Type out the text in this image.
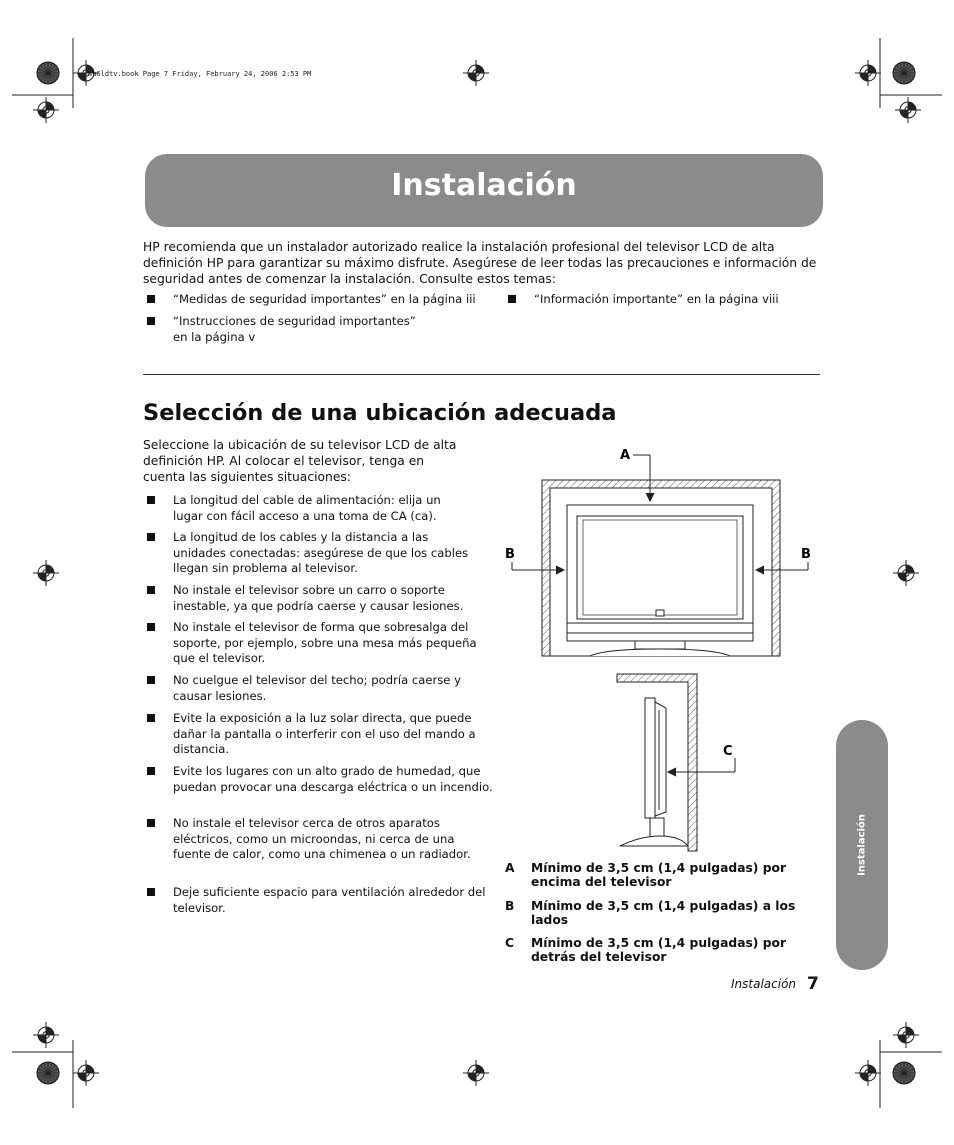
sa6ldtv.book Page 7 Friday, February 24, 2006 2:53 PM
Instalación
HP recomienda que un instalador autorizado realice la instalación profesional del televisor LCD de alta definición HP para garantizar su máximo disfrute. Asegúrese de leer todas las precauciones e información de seguridad antes de comenzar la instalación. Consulte estos temas:
“Medidas de seguridad importantes” en la página iii
“Instrucciones de seguridad importantes” en la página v
“Información importante” en la página viii
Selección de una ubicación adecuada
Seleccione la ubicación de su televisor LCD de alta definición HP. Al colocar el televisor, tenga en cuenta las siguientes situaciones:
La longitud del cable de alimentación: elija un lugar con fácil acceso a una toma de CA (ca).
La longitud de los cables y la distancia a las unidades conectadas: asegúrese de que los cables llegan sin problema al televisor.
No instale el televisor sobre un carro o soporte inestable, ya que podría caerse y causar lesiones.
No instale el televisor de forma que sobresalga del soporte, por ejemplo, sobre una mesa más pequeña que el televisor.
No cuelgue el televisor del techo; podría caerse y causar lesiones.
Evite la exposición a la luz solar directa, que puede dañar la pantalla o interferir con el uso del mando a distancia.
Evite los lugares con un alto grado de humedad, que puedan provocar una descarga eléctrica o un incendio.
No instale el televisor cerca de otros aparatos eléctricos, como un microondas, ni cerca de una fuente de calor, como una chimenea o un radiador.
Deje suficiente espacio para ventilación alrededor del televisor.
A
B	B
C
A Mínimo de 3,5 cm (1,4 pulgadas) por encima del televisor
B Mínimo de 3,5 cm (1,4 pulgadas) a los lados
C Mínimo de 3,5 cm (1,4 pulgadas) por detrás del televisor
Instalación
Instalación 7
